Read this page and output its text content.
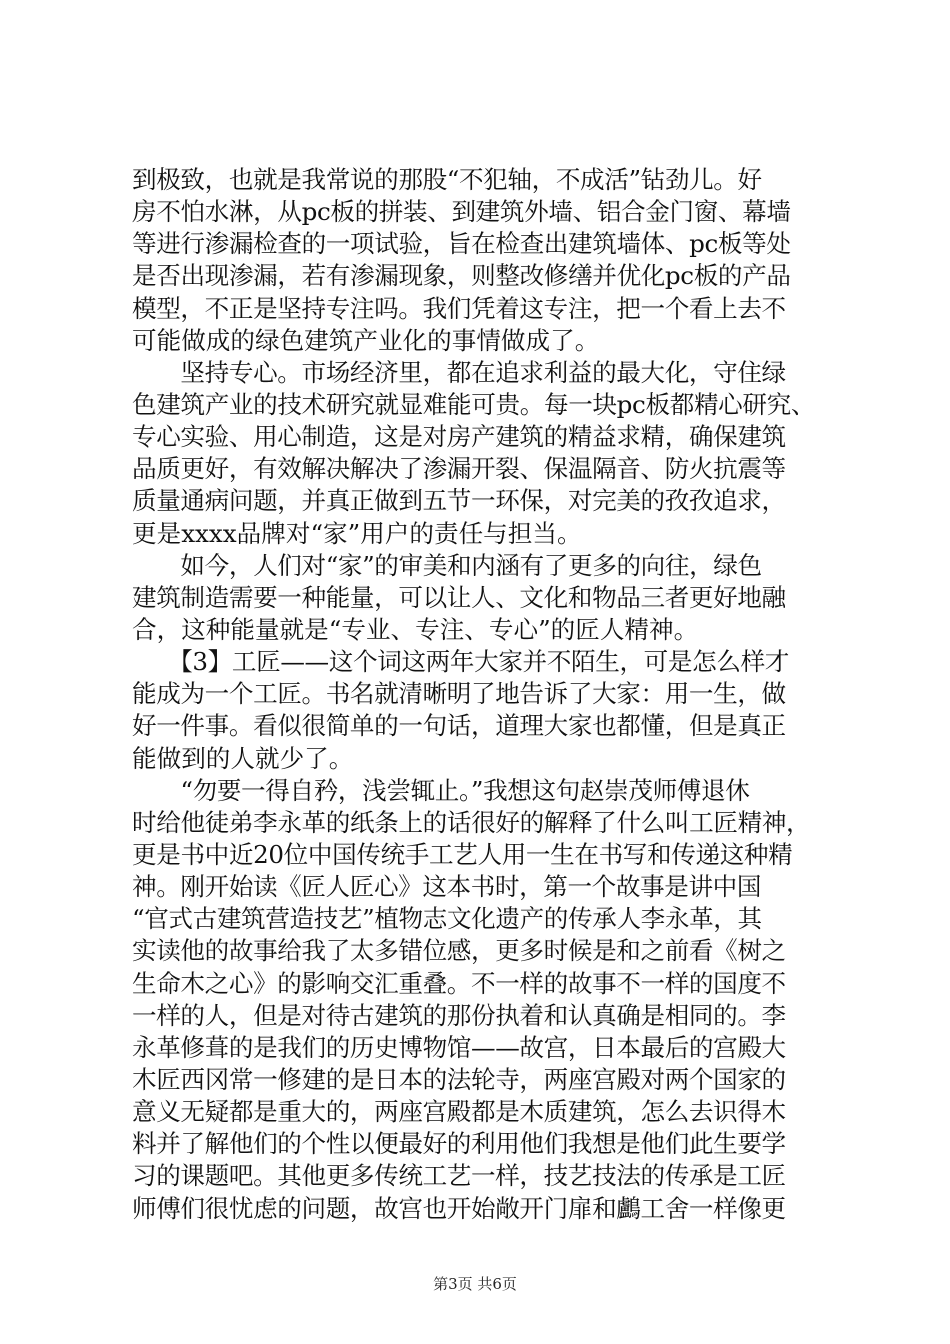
到极致，也就是我常说的那股“不犯轴，不成活”钻劲儿。好
房不怕水淋，从pc板的拼装、到建筑外墙、铝合金门窗、幕墙
等进行渗漏检查的一项试验，旨在检查出建筑墙体、pc板等处
是否出现渗漏，若有渗漏现象，则整改修缮并优化pc板的产品
模型，不正是坚持专注吗。我们凭着这专注，把一个看上去不
可能做成的绿色建筑产业化的事情做成了。
　　坚持专心。市场经济里，都在追求利益的最大化，守住绿
色建筑产业的技术研究就显难能可贵。每一块pc板都精心研究、
专心实验、用心制造，这是对房产建筑的精益求精，确保建筑
品质更好，有效解决解决了渗漏开裂、保温隔音、防火抗震等
质量通病问题，并真正做到五节一环保，对完美的孜孜追求，
更是xxxx品牌对“家”用户的责任与担当。
　　如今，人们对“家”的审美和内涵有了更多的向往，绿色
建筑制造需要一种能量，可以让人、文化和物品三者更好地融
合，这种能量就是“专业、专注、专心”的匠人精神。
　　【3】工匠——这个词这两年大家并不陌生，可是怎么样才
能成为一个工匠。书名就清晰明了地告诉了大家：用一生，做
好一件事。看似很简单的一句话，道理大家也都懂，但是真正
能做到的人就少了。
　　“勿要一得自矜，浅尝辄止。”我想这句赵崇茂师傅退休
时给他徒弟李永革的纸条上的话很好的解释了什么叫工匠精神，
更是书中近20位中国传统手工艺人用一生在书写和传递这种精
神。刚开始读《匠人匠心》这本书时，第一个故事是讲中国
“官式古建筑营造技艺”植物志文化遗产的传承人李永革，其
实读他的故事给我了太多错位感，更多时候是和之前看《树之
生命木之心》的影响交汇重叠。不一样的故事不一样的国度不
一样的人，但是对待古建筑的那份执着和认真确是相同的。李
永革修葺的是我们的历史博物馆——故宫，日本最后的宫殿大
木匠西冈常一修建的是日本的法轮寺，两座宫殿对两个国家的
意义无疑都是重大的，两座宫殿都是木质建筑，怎么去识得木
料并了解他们的个性以便最好的利用他们我想是他们此生要学
习的课题吧。其他更多传统工艺一样，技艺技法的传承是工匠
师傅们很忧虑的问题，故宫也开始敞开门扉和鸕工舍一样像更
第3页 共6页
